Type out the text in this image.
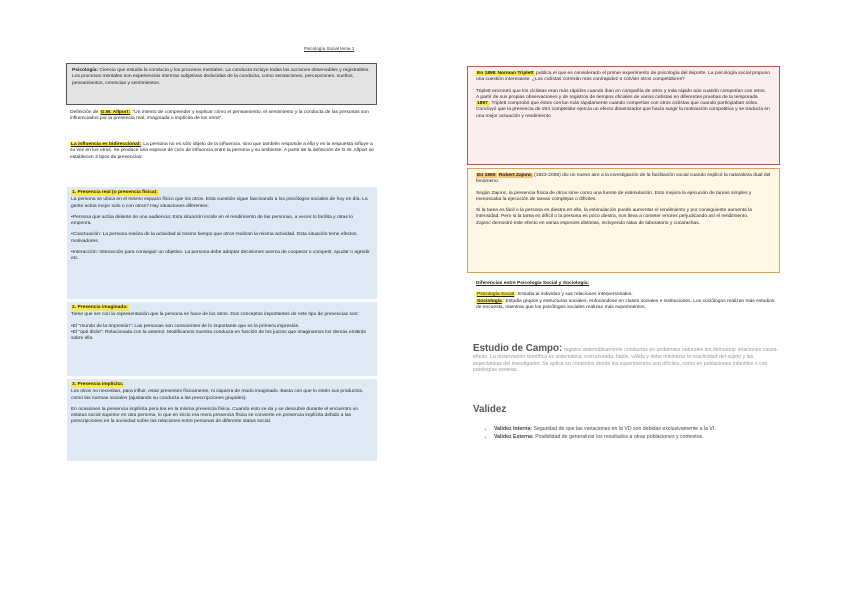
Psicología Social tema 1

Psicología: Ciencia que estudia la conducta y los procesos mentales. La conducta incluye todas las acciones observables y registrables. Los procesos mentales son experiencias internas subjetivas deducidas de la conducta, como sensaciones, percepciones, sueños, pensamientos, creencias y sentimientos.

Definición de G.W. Allport: "Un intento de comprender y explicar cómo el pensamiento, el sentimiento y la conducta de las personas son influenciados por la presencia real, imaginada o implícita de los otros".

La influencia es bidireccional: La persona no es sólo objeto de la influencia, sino que también responde a ella y es la respuesta influye a su vez en los otros. Se produce una especie de ciclo de influencia entre la persona y su ambiente. A partir de la definición de G.W. Allport se establecen 3 tipos de presencias:

1. Presencia real (o presencia física):

La persona se ubica en el mismo espacio físico que los otros. Esta cuestión sigue fascinando a los psicólogos sociales de hoy en día. La gente actúa mejor solo o con otros? Hay situaciones diferentes:

•Persona que actúa delante de una audiencia: Esta situación incide en el rendimiento de las personas, a veces lo facilita y otras lo empeora.

•Coactuación: La persona realiza de la actividad al mismo tiempo que otros realizan la misma actividad. Esta situación tiene efectos motivadores.

•Interacción: Interacción para conseguir un objetivo. La persona debe adoptar decisiones acerca de cooperar o competir, ayudar o agredir etc.

2. Presencia imaginada:

Tiene que ser con la representación que la persona se hace de los otros. Dos conceptos importantes de este tipo de presencias son:

•El "mundo de la Impresión": Las personas son conscientes de lo importante que es la primera impresión.

•El "qué dirán": Relacionada con la anterior. Modificamos nuestra conducta en función de los juicios que imaginamos los demás emitirán sobre ella.

3. Presencia implícita:

Los otros no necesitan, para influir, estar presentes físicamente, ni siquiera de modo imaginado. Basta con que lo estén sus productos, como las normas sociales (ajustando su conducta a las prescripciones grupales).

En ocasiones la presencia implícita pera lea en la misma presencia física. Cuando esto se da y se descubre durante el encuentro un estatus social superior en otra persona, lo que en inicio era mera presencia física se convierte en presencia implícita debido a las prescripciones en la sociedad sobre las relaciones entre personas de diferente status social.

En 1898 Norman Triplett publica el que es considerado el primer experimento de psicología del deporte. La psicología social propuso una cuestión interesante. ¿Los ciclistas correrán más con/rapidez o con/sin otros competidores?

Triplett encontró que los ciclistas eran más rápidos cuando iban en compañía de otros y más rápido aún cuando competían con otros.

A partir de sus propias observaciones y de registros de tiempos oficiales de varios ciclistas en diferentes pruebas de la temporada 1897, Triplett comprobó que éstos corrían más rápidamente cuando competían con otros ciclistas que cuando participaban solos.

Concluyó que la presencia de otro competidor ejercía un efecto dinamizador que hacía surgir la motivación competitiva y se traducía en una mejor actuación y rendimiento

En 1965 Robert Zajonc (1923-2008) dio un nuevo aire a la investigación de la facilitación social cuando explicó la naturaleza dual del fenómeno.

Según Zajonc, la presencia física de otros sirve como una fuente de estimulación. Esto mejora la ejecución de tareas simples y menoscaba la ejecución de tareas complejas o difíciles.

Si la tarea es fácil o la persona es diestra en ella, la estimulación puede aumentar el rendimiento y por consiguiente aumenta la intensidad. Pero si la tarea es difícil o la persona es poco diestra, nos lleva a cometer errores perjudicando así el rendimiento.

Zajonc demostró este efecto en varias especies distintas, incluyendo ratas de laboratorio y cucarachas.

Diferencias entre Psicología Social y Sociología:

Psicología Social: Estudia al individuo y sus relaciones interpersonales.

Sociología: Estudia grupos y estructuras sociales, enfocándose en clases sociales e instituciones. Los sociólogos realizan más estudios de encuesta, mientras que los psicólogos sociales realizan más experimentos.

Estudio de Campo: registra sistemáticamente conductas en ambientes naturales sin demostrar relaciones causa-efecto. La observación científica es sistemática, estructurada, fiable, válida y debe minimizar la reactividad del sujeto y las expectativas del investigador. Se aplica en contextos donde los experimentos son difíciles, como en poblaciones infantiles o con patologías severas.

Validez
• Validez Interna: Seguridad de que las variaciones en la VD son debidas exclusivamente a la VI.
• Validez Externa: Posibilidad de generalizar los resultados a otras poblaciones y contextos.
